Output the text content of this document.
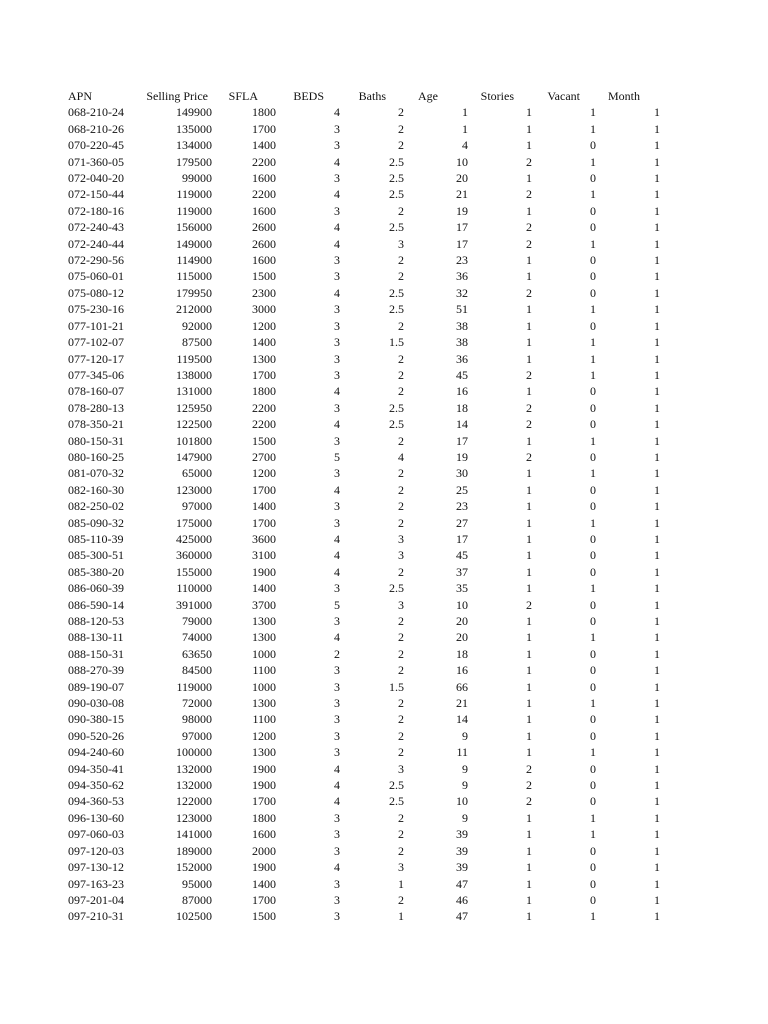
	APN	Selling Price	SFLA	BEDS	Baths	Age	Stories	Vacant	Month	
	068-210-24	149900	1800	4	2	1	1	1	1	
	068-210-26	135000	1700	3	2	1	1	1	1	
	070-220-45	134000	1400	3	2	4	1	0	1	
	071-360-05	179500	2200	4	2.5	10	2	1	1	
	072-040-20	99000	1600	3	2.5	20	1	0	1	
	072-150-44	119000	2200	4	2.5	21	2	1	1	
	072-180-16	119000	1600	3	2	19	1	0	1	
	072-240-43	156000	2600	4	2.5	17	2	0	1	
	072-240-44	149000	2600	4	3	17	2	1	1	
	072-290-56	114900	1600	3	2	23	1	0	1	
	075-060-01	115000	1500	3	2	36	1	0	1	
	075-080-12	179950	2300	4	2.5	32	2	0	1	
	075-230-16	212000	3000	3	2.5	51	1	1	1	
	077-101-21	92000	1200	3	2	38	1	0	1	
	077-102-07	87500	1400	3	1.5	38	1	1	1	
	077-120-17	119500	1300	3	2	36	1	1	1	
	077-345-06	138000	1700	3	2	45	2	1	1	
	078-160-07	131000	1800	4	2	16	1	0	1	
	078-280-13	125950	2200	3	2.5	18	2	0	1	
	078-350-21	122500	2200	4	2.5	14	2	0	1	
	080-150-31	101800	1500	3	2	17	1	1	1	
	080-160-25	147900	2700	5	4	19	2	0	1	
	081-070-32	65000	1200	3	2	30	1	1	1	
	082-160-30	123000	1700	4	2	25	1	0	1	
	082-250-02	97000	1400	3	2	23	1	0	1	
	085-090-32	175000	1700	3	2	27	1	1	1	
	085-110-39	425000	3600	4	3	17	1	0	1	
	085-300-51	360000	3100	4	3	45	1	0	1	
	085-380-20	155000	1900	4	2	37	1	0	1	
	086-060-39	110000	1400	3	2.5	35	1	1	1	
	086-590-14	391000	3700	5	3	10	2	0	1	
	088-120-53	79000	1300	3	2	20	1	0	1	
	088-130-11	74000	1300	4	2	20	1	1	1	
	088-150-31	63650	1000	2	2	18	1	0	1	
	088-270-39	84500	1100	3	2	16	1	0	1	
	089-190-07	119000	1000	3	1.5	66	1	0	1	
	090-030-08	72000	1300	3	2	21	1	1	1	
	090-380-15	98000	1100	3	2	14	1	0	1	
	090-520-26	97000	1200	3	2	9	1	0	1	
	094-240-60	100000	1300	3	2	11	1	1	1	
	094-350-41	132000	1900	4	3	9	2	0	1	
	094-350-62	132000	1900	4	2.5	9	2	0	1	
	094-360-53	122000	1700	4	2.5	10	2	0	1	
	096-130-60	123000	1800	3	2	9	1	1	1	
	097-060-03	141000	1600	3	2	39	1	1	1	
	097-120-03	189000	2000	3	2	39	1	0	1	
	097-130-12	152000	1900	4	3	39	1	0	1	
	097-163-23	95000	1400	3	1	47	1	0	1	
	097-201-04	87000	1700	3	2	46	1	0	1	
	097-210-31	102500	1500	3	1	47	1	1	1	
